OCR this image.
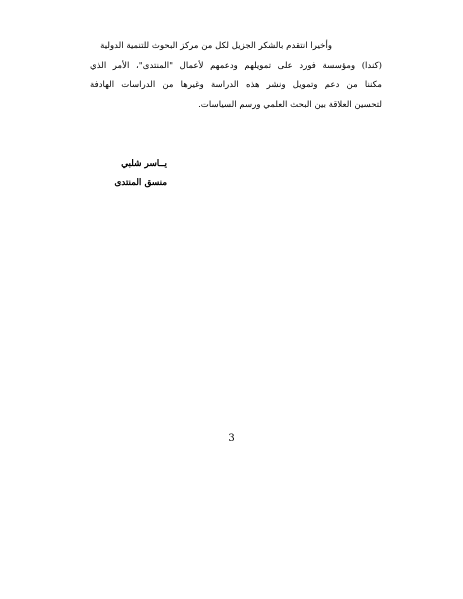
وأخيرا انتقدم بالشكر الجزيل لكل من مركز البحوث للتنمية الدولية
(كندا) ومؤسسة فورد على تمويلهم ودعمهم لأعمال "المنتدى"، الأمر الذي
مكننا من دعم وتمويل ونشر هذه الدراسة وغيرها من الدراسات الهادفة
لتحسين العلاقة بين البحث العلمي ورسم السياسات.
يــاسر شلبي
منسق المنتدى
3
